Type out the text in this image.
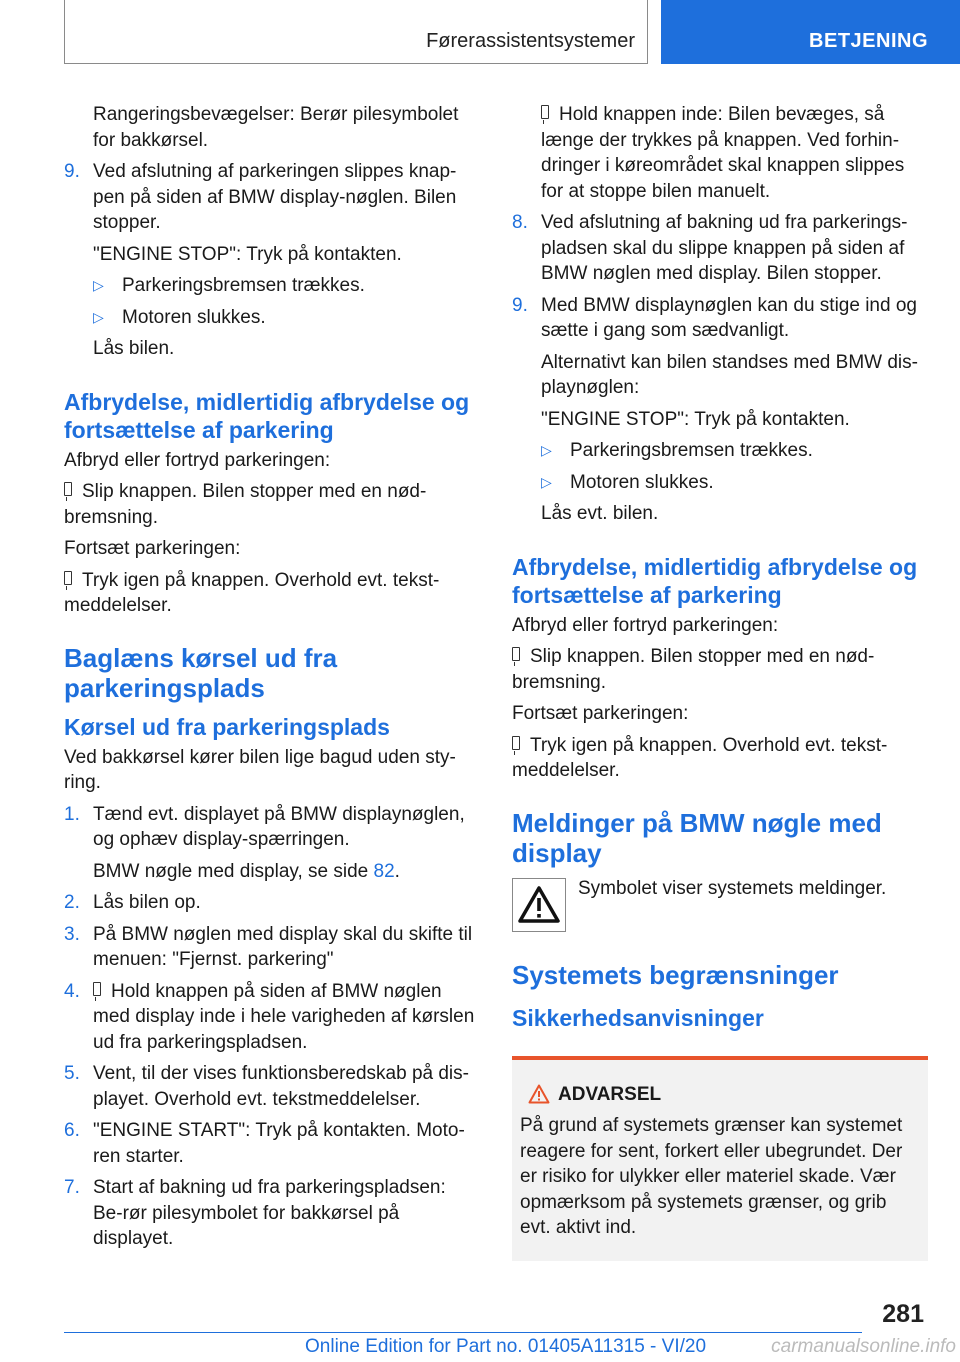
Førerassistentsystemer	BETJENING

Rangeringsbevægelser: Berør pilesymbolet for bakkørsel.

9. Ved afslutning af parkeringen slippes knap-pen på siden af BMW display-nøglen. Bilen stopper.

"ENGINE STOP": Tryk på kontakten.

▷ Parkeringsbremsen trækkes.
▷ Motoren slukkes.

Lås bilen.

Afbrydelse, midlertidig afbrydelse og fortsættelse af parkering

Afbryd eller fortryd parkeringen:

Slip knappen. Bilen stopper med en nød-bremsning.

Fortsæt parkeringen:

Tryk igen på knappen. Overhold evt. tekst-meddelelser.

Baglæns kørsel ud fra parkeringsplads
Kørsel ud fra parkeringsplads

Ved bakkørsel kører bilen lige bagud uden sty-ring.

1. Tænd evt. displayet på BMW displaynøglen, og ophæv display-spærringen.

BMW nøgle med display, se side 82.

2. Lås bilen op.
3. På BMW nøglen med display skal du skifte til menuen: "Fjernst. parkering"
4. Hold knappen på siden af BMW nøglen med display inde i hele varigheden af kørslen ud fra parkeringspladsen.
5. Vent, til der vises funktionsberedskab på dis-playet. Overhold evt. tekstmeddelelser.
6. "ENGINE START": Tryk på kontakten. Moto-ren starter.
7. Start af bakning ud fra parkeringspladsen: Be-rør pilesymbolet for bakkørsel på displayet.

Hold knappen inde: Bilen bevæges, så længe der trykkes på knappen. Ved forhin-dringer i køreområdet skal knappen slippes for at stoppe bilen manuelt.

8. Ved afslutning af bakning ud fra parkerings-pladsen skal du slippe knappen på siden af BMW nøglen med display. Bilen stopper.
9. Med BMW displaynøglen kan du stige ind og sætte i gang som sædvanligt.

Alternativt kan bilen standses med BMW dis-playnøglen:

"ENGINE STOP": Tryk på kontakten.

▷ Parkeringsbremsen trækkes.
▷ Motoren slukkes.

Lås evt. bilen.

Afbrydelse, midlertidig afbrydelse og fortsættelse af parkering

Afbryd eller fortryd parkeringen:

Slip knappen. Bilen stopper med en nød-bremsning.

Fortsæt parkeringen:

Tryk igen på knappen. Overhold evt. tekst-meddelelser.

Meldinger på BMW nøgle med display

Symbolet viser systemets meldinger.

Systemets begrænsninger
Sikkerhedsanvisninger
ADVARSEL

På grund af systemets grænser kan systemet reagere for sent, forkert eller ubegrundet. Der er risiko for ulykker eller materiel skade. Vær opmærksom på systemets grænser, og grib evt. aktivt ind.

281
Online Edition for Part no. 01405A11315 - VI/20	carmanualsonline.info
